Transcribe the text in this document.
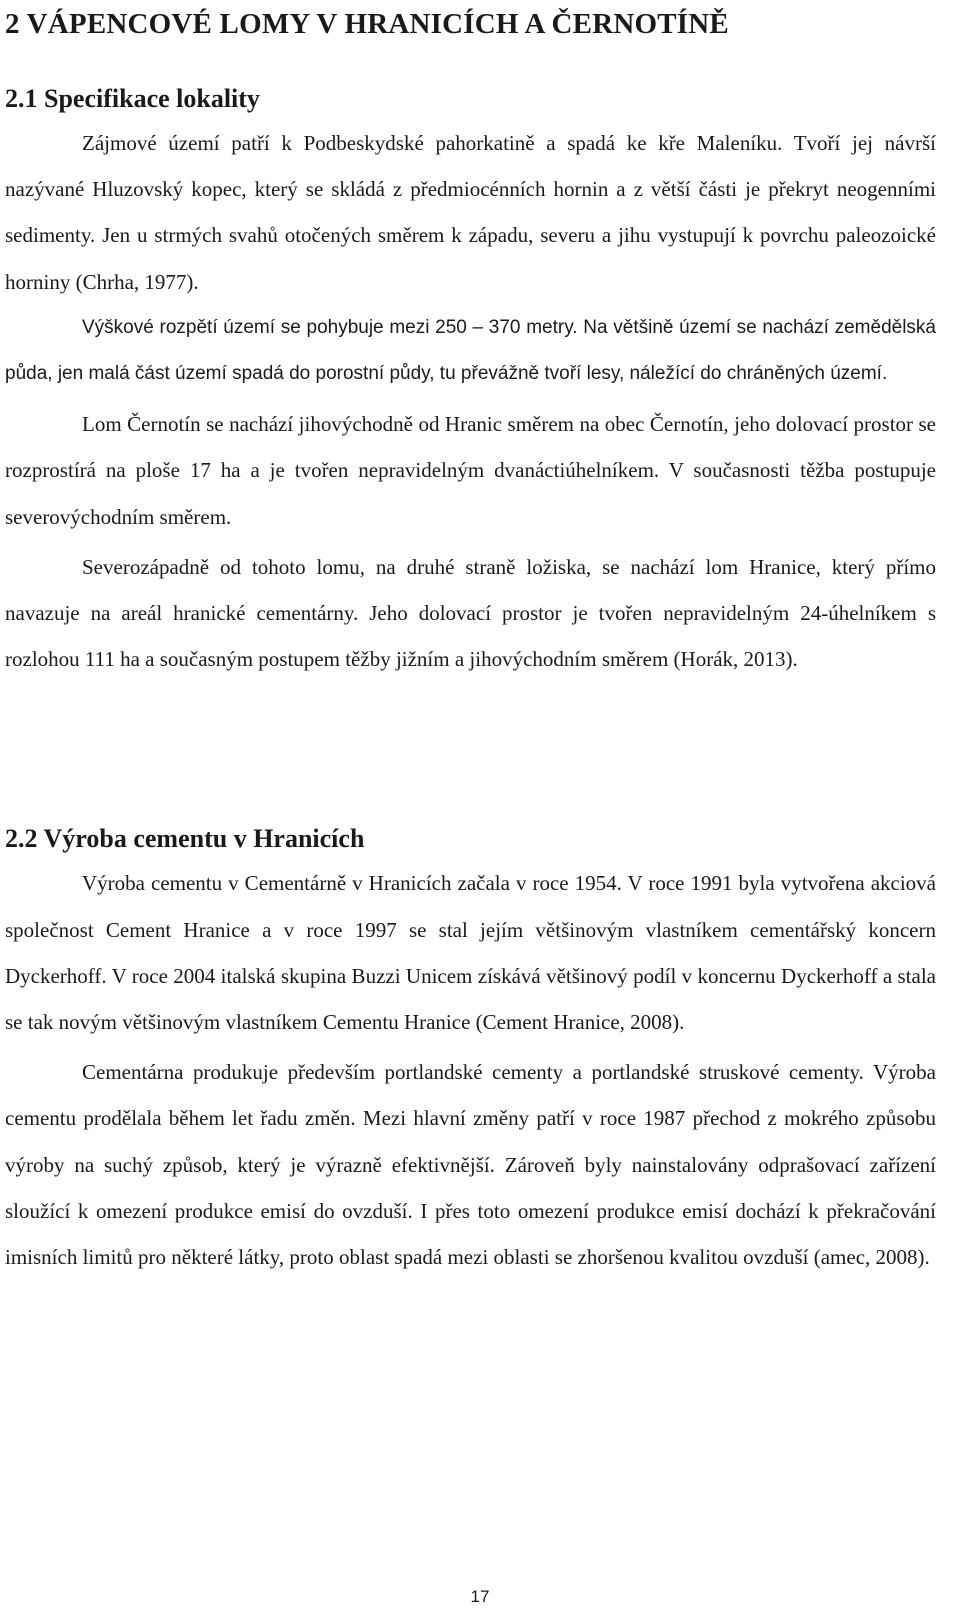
2 VÁPENCOVÉ LOMY V HRANICÍCH A ČERNOTÍNĚ
2.1 Specifikace lokality

Zájmové území patří k Podbeskydské pahorkatině a spadá ke kře Maleníku. Tvoří jej návrší nazývané Hluzovský kopec, který se skládá z předmiocénních hornin a z větší části je překryt neogenními sedimenty. Jen u strmých svahů otočených směrem k západu, severu a jihu vystupují k povrchu paleozoické horniny (Chrha, 1977).

Výškové rozpětí území se pohybuje mezi 250 – 370 metry. Na většině území se nachází zemědělská půda, jen malá část území spadá do porostní půdy, tu převážně tvoří lesy, náležící do chráněných území.

Lom Černotín se nachází jihovýchodně od Hranic směrem na obec Černotín, jeho dolovací prostor se rozprostírá na ploše 17 ha a je tvořen nepravidelným dvanáctiúhelníkem. V současnosti těžba postupuje severovýchodním směrem.

Severozápadně od tohoto lomu, na druhé straně ložiska, se nachází lom Hranice, který přímo navazuje na areál hranické cementárny. Jeho dolovací prostor je tvořen nepravidelným 24-úhelníkem s rozlohou 111 ha a současným postupem těžby jižním a jihovýchodním směrem (Horák, 2013).

2.2 Výroba cementu v Hranicích

Výroba cementu v Cementárně v Hranicích začala v roce 1954. V roce 1991 byla vytvořena akciová společnost Cement Hranice a v roce 1997 se stal jejím většinovým vlastníkem cementářský koncern Dyckerhoff. V roce 2004 italská skupina Buzzi Unicem získává většinový podíl v koncernu Dyckerhoff a stala se tak novým většinovým vlastníkem Cementu Hranice (Cement Hranice, 2008).

Cementárna produkuje především portlandské cementy a portlandské struskové cementy. Výroba cementu prodělala během let řadu změn. Mezi hlavní změny patří v roce 1987 přechod z mokrého způsobu výroby na suchý způsob, který je výrazně efektivnější. Zároveň byly nainstalovány odprašovací zařízení sloužící k omezení produkce emisí do ovzduší. I přes toto omezení produkce emisí dochází k překračování imisních limitů pro některé látky, proto oblast spadá mezi oblasti se zhoršenou kvalitou ovzduší (amec, 2008).

17
